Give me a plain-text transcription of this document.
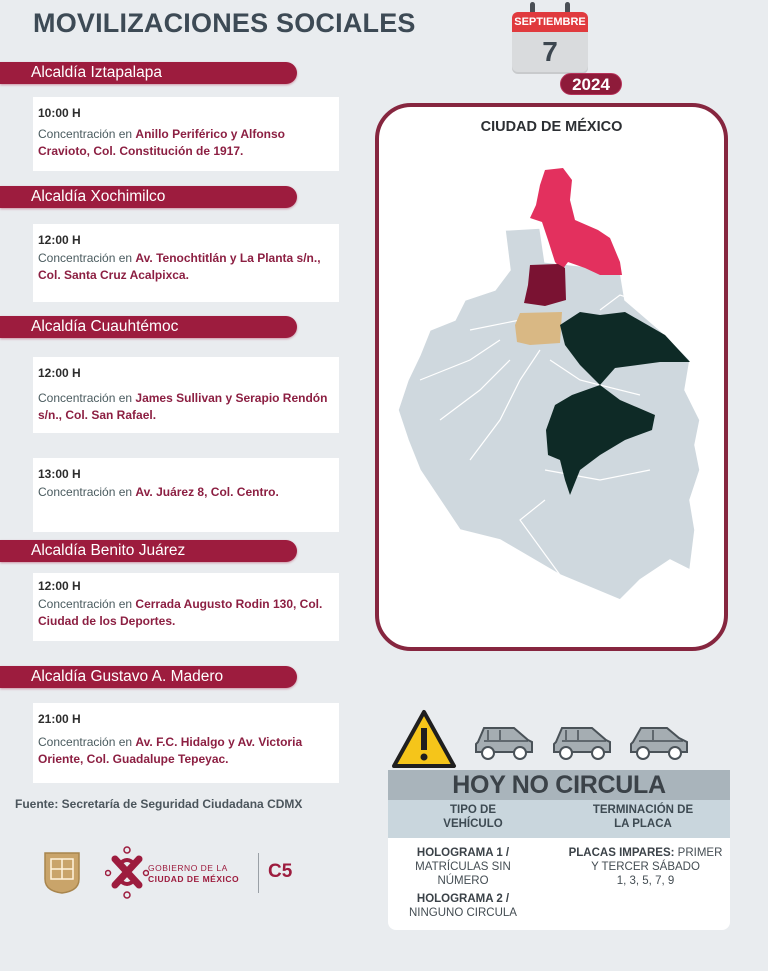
MOVILIZACIONES SOCIALES	SEPTIEMBRE
7
2024
Alcaldía Iztapalapa
10:00 H
Concentración en Anillo Periférico y Alfonso Cravioto, Col. Constitución de 1917.
Alcaldía Xochimilco
12:00 H
Concentración en Av. Tenochtitlán y La Planta s/n., Col. Santa Cruz Acalpixca.
Alcaldía Cuauhtémoc
12:00 H
Concentración en James Sullivan y Serapio Rendón s/n., Col. San Rafael.
13:00 H
Concentración en Av. Juárez 8, Col. Centro.
Alcaldía Benito Juárez
12:00 H
Concentración en Cerrada Augusto Rodin 130, Col. Ciudad de los Deportes.
Alcaldía Gustavo A. Madero
21:00 H
Concentración en Av. F.C. Hidalgo y Av. Victoria Oriente, Col. Guadalupe Tepeyac.
Fuente: Secretaría de Seguridad Ciudadana CDMX
GOBIERNO DE LA
CIUDAD DE MÉXICO C5
CIUDAD DE MÉXICO
HOY NO CIRCULA
TIPO DE
VEHÍCULO
TERMINACIÓN DE
LA PLACA
HOLOGRAMA 1 /
MATRÍCULAS SIN
NÚMERO

HOLOGRAMA 2 /
NINGUNO CIRCULA
PLACAS IMPARES: PRIMER
Y TERCER SÁBADO
1, 3, 5, 7, 9
